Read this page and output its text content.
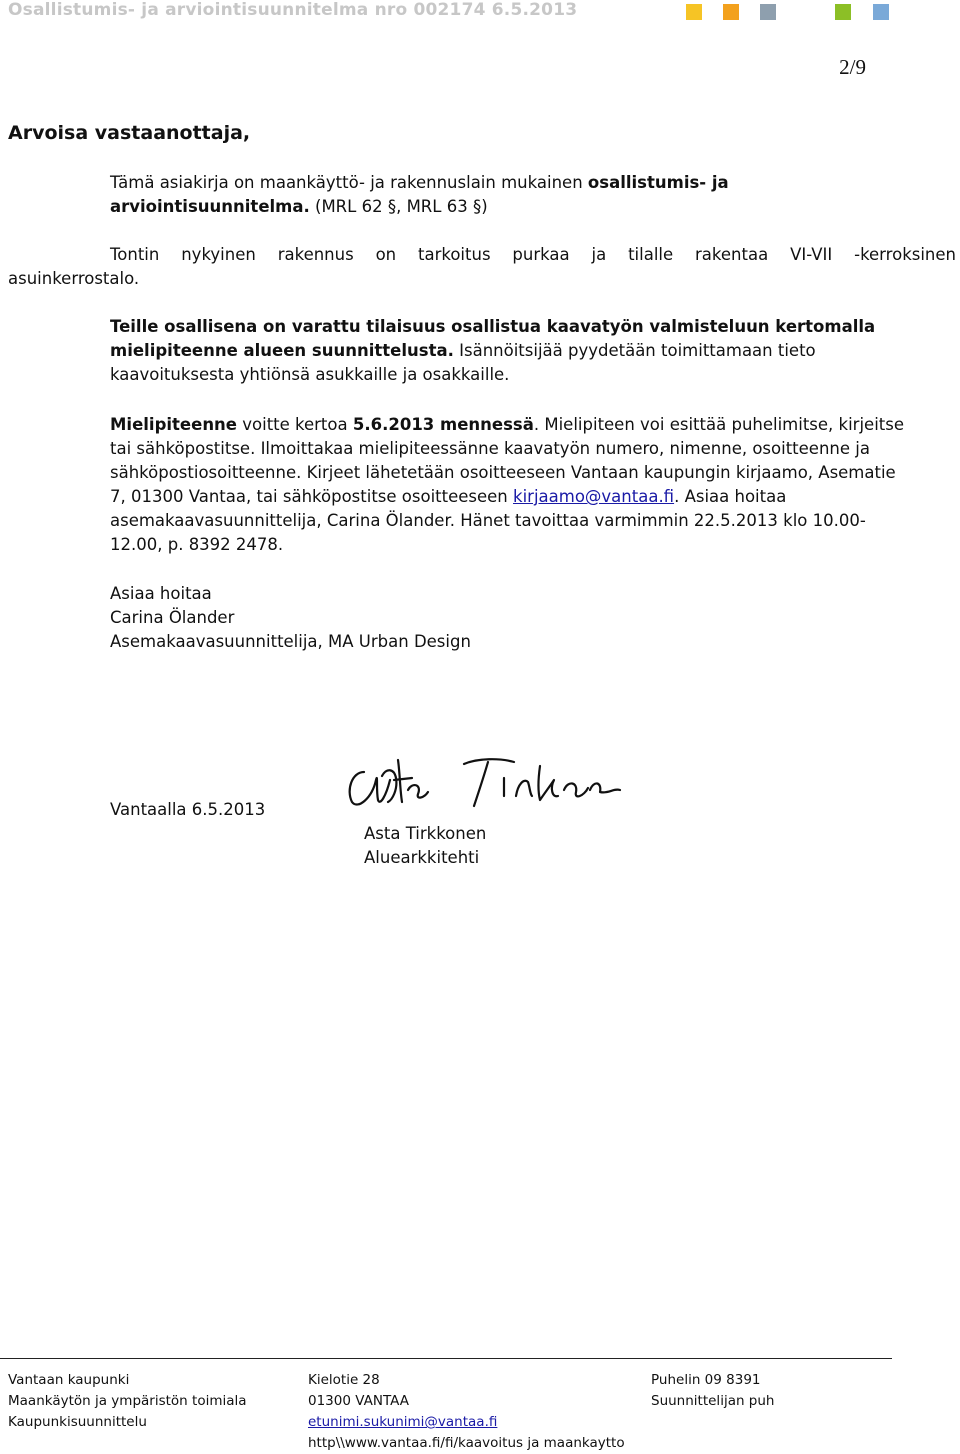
Osallistumis- ja arviointisuunnitelma nro 002174 6.5.2013
2/9
Arvoisa vastaanottaja,
Tämä asiakirja on maankäyttö- ja rakennuslain mukainen osallistumis- ja
arviointisuunnitelma. (MRL 62 §, MRL 63 §)
Tontin nykyinen rakennus on tarkoitus purkaa ja tilalle rakentaa VI-VII -kerroksinen
asuinkerrostalo.
Teille osallisena on varattu tilaisuus osallistua kaavatyön valmisteluun kertomalla
mielipiteenne alueen suunnittelusta. Isännöitsijää pyydetään toimittamaan tieto
kaavoituksesta yhtiönsä asukkaille ja osakkaille.
Mielipiteenne voitte kertoa 5.6.2013 mennessä. Mielipiteen voi esittää puhelimitse, kirjeitse
tai sähköpostitse. Ilmoittakaa mielipiteessänne kaavatyön numero, nimenne, osoitteenne ja
sähköpostiosoitteenne. Kirjeet lähetetään osoitteeseen Vantaan kaupungin kirjaamo, Asematie
7, 01300 Vantaa, tai sähköpostitse osoitteeseen kirjaamo@vantaa.fi. Asiaa hoitaa
asemakaavasuunnittelija, Carina Ölander. Hänet tavoittaa varmimmin 22.5.2013 klo 10.00-
12.00, p. 8392 2478.
Asiaa hoitaa
Carina Ölander
Asemakaavasuunnittelija, MA Urban Design
Vantaalla 6.5.2013
Asta Tirkkonen
Aluearkkitehti
Vantaan kaupunki
Maankäytön ja ympäristön toimiala
Kaupunkisuunnittelu
Kielotie 28
01300 VANTAA
etunimi.sukunimi@vantaa.fi
http\\www.vantaa.fi/fi/kaavoitus ja maankaytto
Puhelin 09 8391
Suunnittelijan puh
